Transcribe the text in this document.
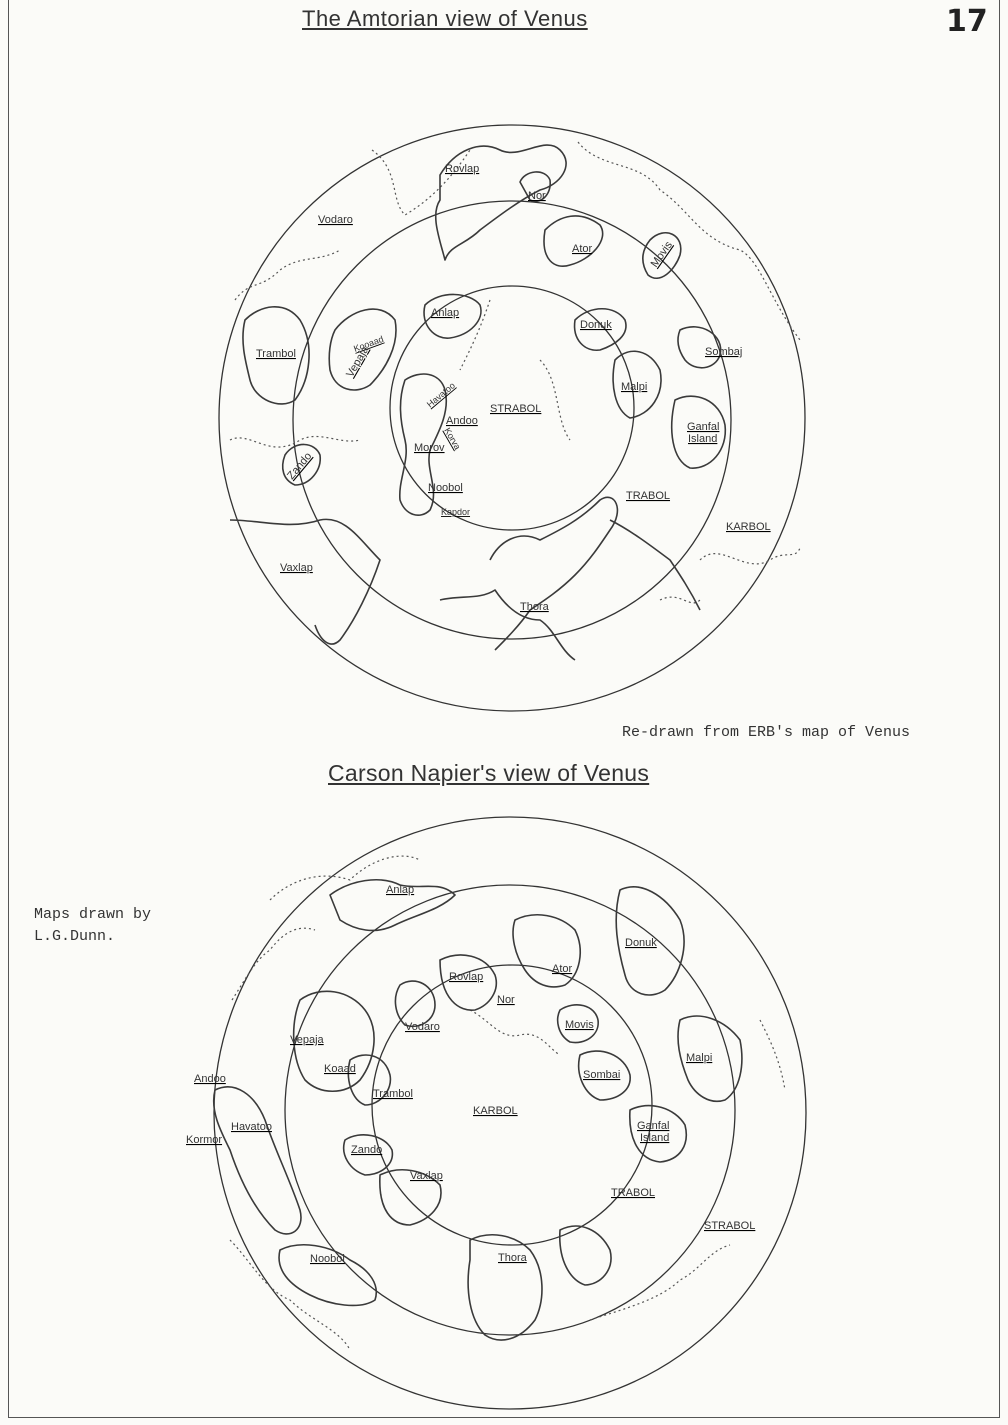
The Amtorian view of Venus	17
Rovlap
Nor
Vodaro
Ator	Movis
Anlap
Donuk
Kooaad
Vepaja
Trambol	Sombaj
Malpi
Havatoo	STRABOL
Andoo
Korva	Ganfal
Island
Morov
Zando
Noobol
TRABOL
Kapdor
KARBOL
Vaxlap
Thora
Re-drawn from ERB's map of Venus
Carson Napier's view of Venus
Maps drawn by
L.G.Dunn.
Anlap
Donuk
Ator
Rovlap
Nor
Movis
Vodaro
Vepaja
Malpi
Koaad
Andoo	Sombai
Trambol
KARBOL
Havatoo
Kormor
Ganfal
Island
Zando
Vaxlap
TRABOL
STRABOL
Noobol	Thora
